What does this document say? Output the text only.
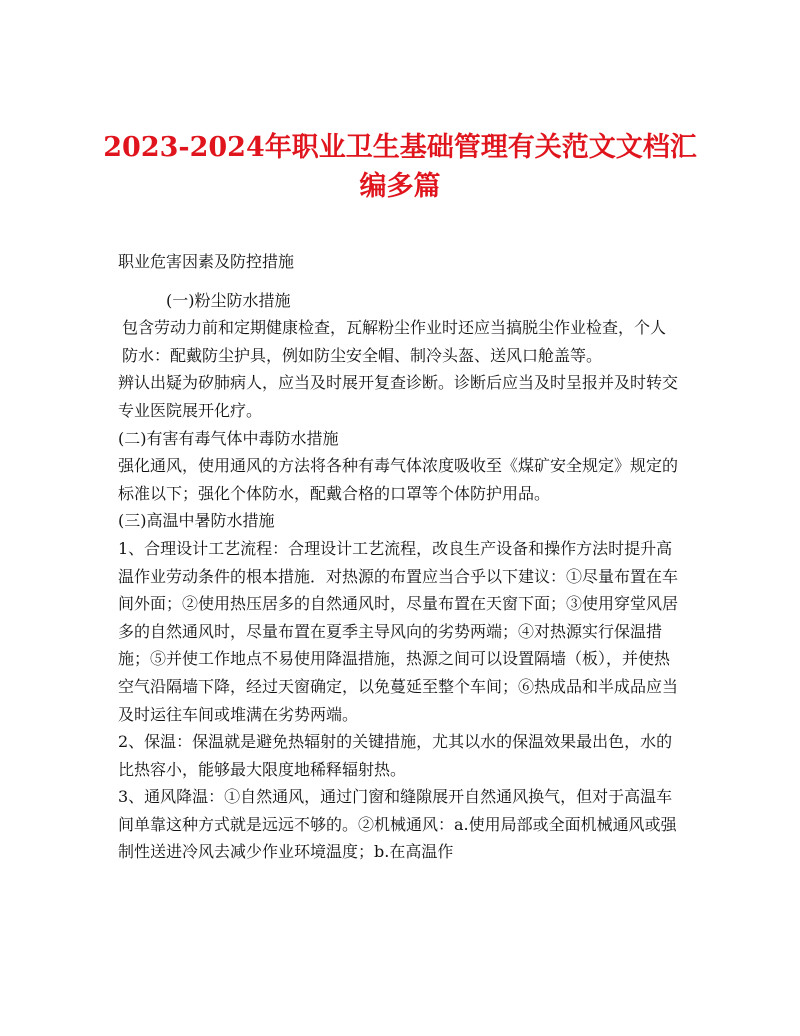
2023-2024年职业卫生基础管理有关范文文档汇
编多篇

职业危害因素及防控措施

(一)粉尘防水措施

包含劳动力前和定期健康检查，瓦解粉尘作业时还应当搞脱尘作业检查，个人防水：配戴防尘护具，例如防尘安全帽、制冷头盔、送风口舱盖等。

辨认出疑为矽肺病人，应当及时展开复查诊断。诊断后应当及时呈报并及时转交专业医院展开化疗。

(二)有害有毒气体中毒防水措施

强化通风，使用通风的方法将各种有毒气体浓度吸收至《煤矿安全规定》规定的标准以下；强化个体防水，配戴合格的口罩等个体防护用品。

(三)高温中暑防水措施

1、合理设计工艺流程：合理设计工艺流程，改良生产设备和操作方法时提升高温作业劳动条件的根本措施．对热源的布置应当合乎以下建议：①尽量布置在车间外面；②使用热压居多的自然通风时，尽量布置在天窗下面；③使用穿堂风居多的自然通风时，尽量布置在夏季主导风向的劣势两端；④对热源实行保温措施；⑤并使工作地点不易使用降温措施，热源之间可以设置隔墙（板），并使热空气沿隔墙下降，经过天窗确定，以免蔓延至整个车间；⑥热成品和半成品应当及时运往车间或堆满在劣势两端。

2、保温：保温就是避免热辐射的关键措施，尤其以水的保温效果最出色，水的比热容小，能够最大限度地稀释辐射热。

3、通风降温：①自然通风，通过门窗和缝隙展开自然通风换气，但对于高温车间单靠这种方式就是远远不够的。②机械通风：a.使用局部或全面机械通风或强制性送进冷风去减少作业环境温度；b.在高温作
